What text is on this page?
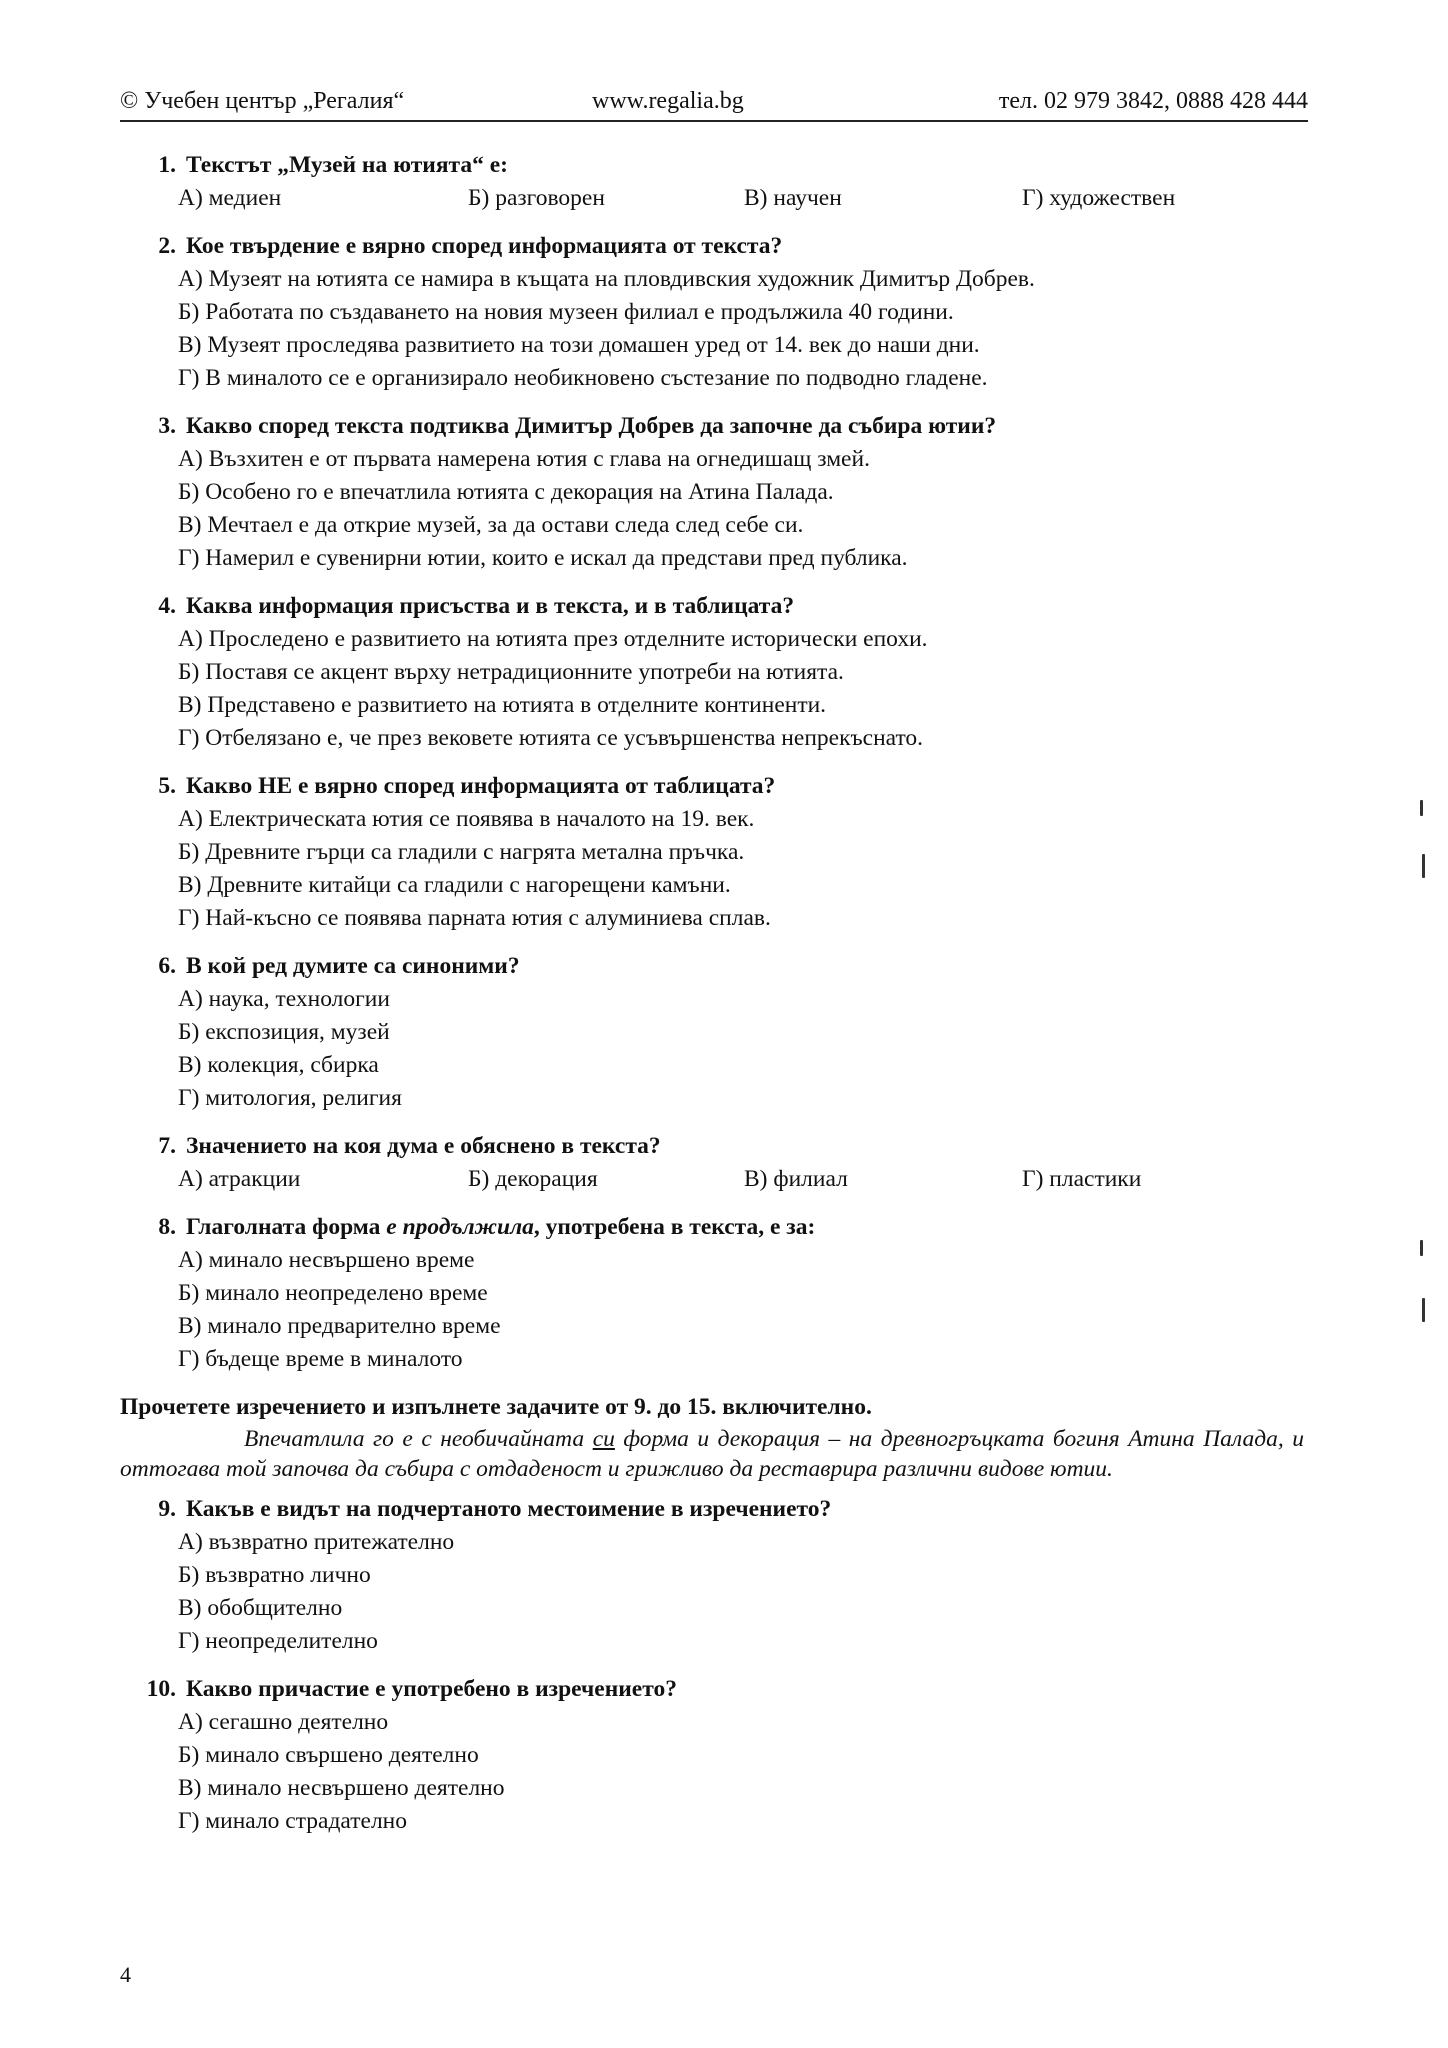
© Учебен център „Регалия“	www.regalia.bg	тел. 02 979 3842, 0888 428 444
1. Текстът „Музей на ютията“ е:
А) медиен	Б) разговорен	В) научен	Г) художествен
2. Кое твърдение е вярно според информацията от текста?
А) Музеят на ютията се намира в къщата на пловдивския художник Димитър Добрев.
Б) Работата по създаването на новия музеен филиал е продължила 40 години.
В) Музеят проследява развитието на този домашен уред от 14. век до наши дни.
Г) В миналото се е организирало необикновено състезание по подводно гладене.
3. Какво според текста подтиква Димитър Добрев да започне да събира ютии?
А) Възхитен е от първата намерена ютия с глава на огнедишащ змей.
Б) Особено го е впечатлила ютията с декорация на Атина Палада.
В) Мечтаел е да открие музей, за да остави следа след себе си.
Г) Намерил е сувенирни ютии, които е искал да представи пред публика.
4. Каква информация присъства и в текста, и в таблицата?
А) Проследено е развитието на ютията през отделните исторически епохи.
Б) Поставя се акцент върху нетрадиционните употреби на ютията.
В) Представено е развитието на ютията в отделните континенти.
Г) Отбелязано е, че през вековете ютията се усъвършенства непрекъснато.
5. Какво НЕ е вярно според информацията от таблицата?
А) Електрическата ютия се появява в началото на 19. век.
Б) Древните гърци са гладили с нагрята метална пръчка.
В) Древните китайци са гладили с нагорещени камъни.
Г) Най-късно се появява парната ютия с алуминиева сплав.
6. В кой ред думите са синоними?
А) наука, технологии
Б) експозиция, музей
В) колекция, сбирка
Г) митология, религия
7. Значението на коя дума е обяснено в текста?
А) атракции	Б) декорация	В) филиал	Г) пластики
8. Глаголната форма е продължила, употребена в текста, е за:
А) минало несвършено време
Б) минало неопределено време
В) минало предварително време
Г) бъдеще време в миналото
Прочетете изречението и изпълнете задачите от 9. до 15. включително.
Впечатлила го е с необичайната си форма и декорация – на древногръцката богиня Атина Палада, и оттогава той започва да събира с отдаденост и грижливо да реставрира различни видове ютии.
9. Какъв е видът на подчертаното местоимение в изречението?
А) възвратно притежателно
Б) възвратно лично
В) обобщително
Г) неопределително
10. Какво причастие е употребено в изречението?
А) сегашно деятелно
Б) минало свършено деятелно
В) минало несвършено деятелно
Г) минало страдателно
4
